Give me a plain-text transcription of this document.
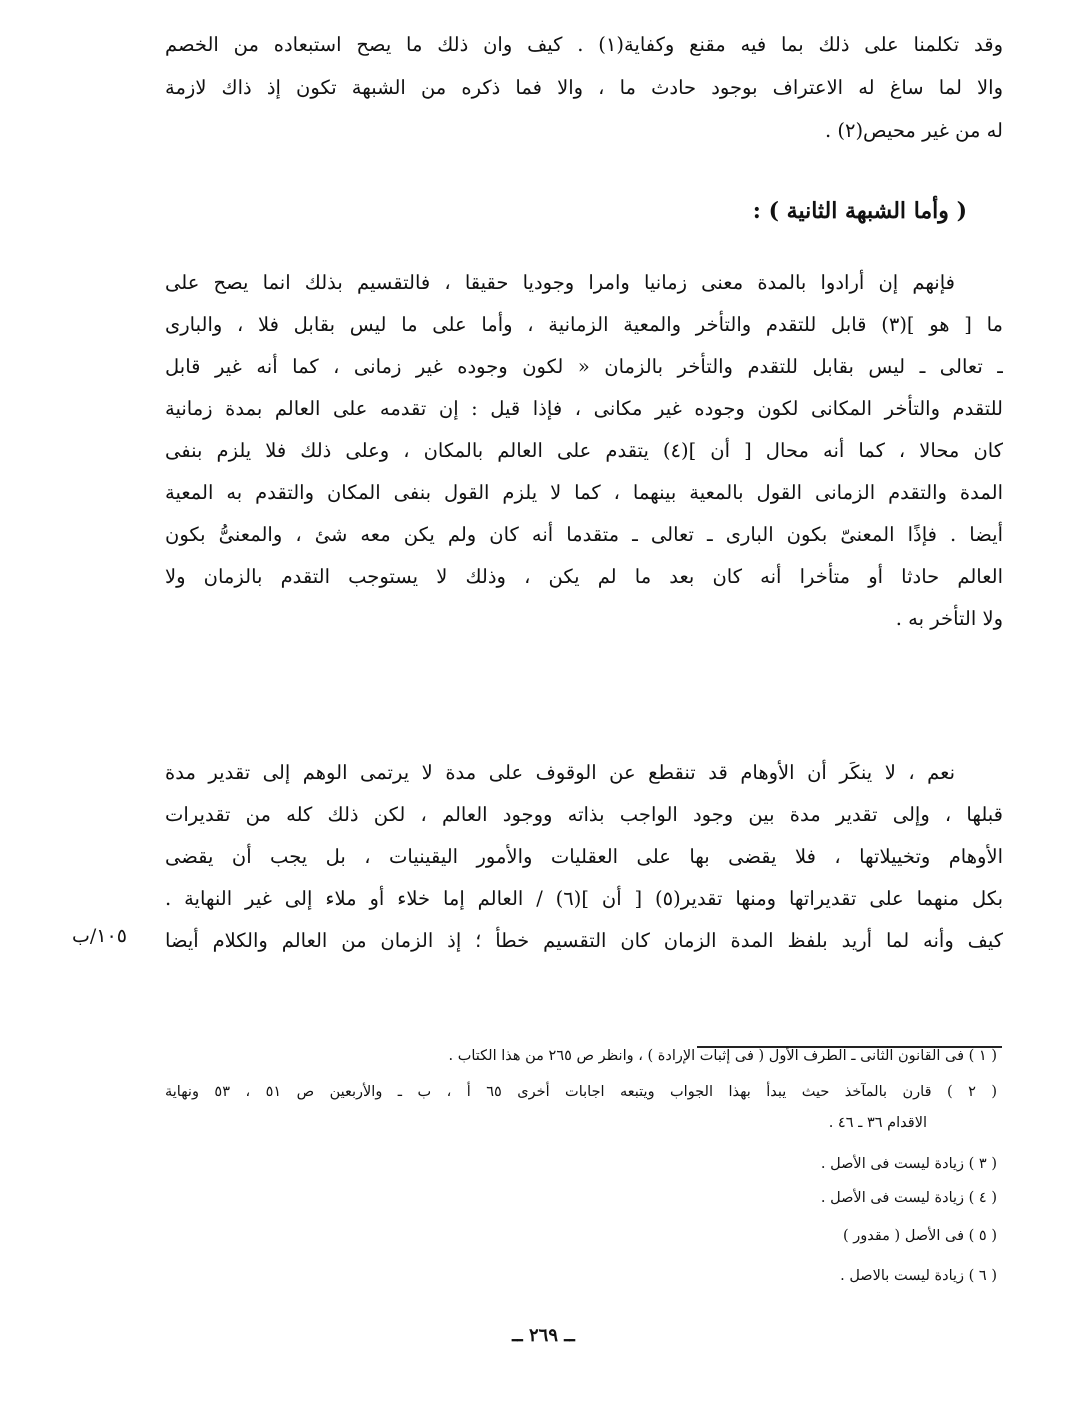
وقد تكلمنا على ذلك بما فيه مقنع وكفاية(١) . كيف وان ذلك ما يصح استبعاده من الخصم
والا لما ساغ له الاعتراف بوجود حادث ما ، والا فما ذكره من الشبهة تكون إذ ذاك لازمة
له من غير محيص(٢) .
( وأما الشبهة الثانية ) :
فإنهم إن أرادوا بالمدة معنى زمانيا وامرا وجوديا حقيقا ، فالتقسيم بذلك انما يصح على
ما [ هو ](٣) قابل للتقدم والتأخر والمعية الزمانية ، وأما على ما ليس بقابل فلا ، والبارى
ـ تعالى ـ ليس بقابل للتقدم والتأخر بالزمان « لكون وجوده غير زمانى ، كما أنه غير قابل
للتقدم والتأخر المكانى لكون وجوده غير مكانى ، فإذا قيل : إن تقدمه على العالم بمدة زمانية
كان محالا ، كما أنه محال [ أن ](٤) يتقدم على العالم بالمكان ، وعلى ذلك فلا يلزم بنفى
المدة والتقدم الزمانى القول بالمعية بينهما ، كما لا يلزم القول بنفى المكان والتقدم به المعية
أيضا . فإذًا المعنىّ بكون البارى ـ تعالى ـ متقدما أنه كان ولم يكن معه شئ ، والمعنىُّ بكون
العالم حادثا أو متأخرا أنه كان بعد ما لم يكن ، وذلك لا يستوجب التقدم بالزمان ولا
ولا التأخر به .
نعم ، لا ينكَر أن الأوهام قد تنقطع عن الوقوف على مدة لا يرتمى الوهم إلى تقدير مدة
قبلها ، وإلى تقدير مدة بين وجود الواجب بذاته ووجود العالم ، لكن ذلك كله من تقديرات
الأوهام وتخييلاتها ، فلا يقضى بها على العقليات والأمور اليقينيات ، بل يجب أن يقضى
بكل منهما على تقديراتها ومنها تقدير(٥) [ أن ](٦) / العالم إما خلاء أو ملاء إلى غير النهاية .
كيف وأنه لما أريد بلفظ المدة الزمان كان التقسيم خطأ ؛ إذ الزمان من العالم والكلام أيضا
١٠٥/ب
( ١ ) فى القانون الثانى ـ الطرف الأول ( فى إثبات الإرادة ) ، وانظر ص ٢٦٥ من هذا الكتاب .
( ٢ ) قارن بالمآخذ حيث يبدأ بهذا الجواب ويتبعه اجابات أخرى ٦٥ أ ، ب ـ والأربعين ص ٥١ ، ٥٣ ونهاية
الاقدام ٣٦ ـ ٤٦ .
( ٣ ) زيادة ليست فى الأصل .
( ٤ ) زيادة ليست فى الأصل .
( ٥ ) فى الأصل ( مقدور )
( ٦ ) زيادة ليست بالاصل .
ــ ٢٦٩ ــ
